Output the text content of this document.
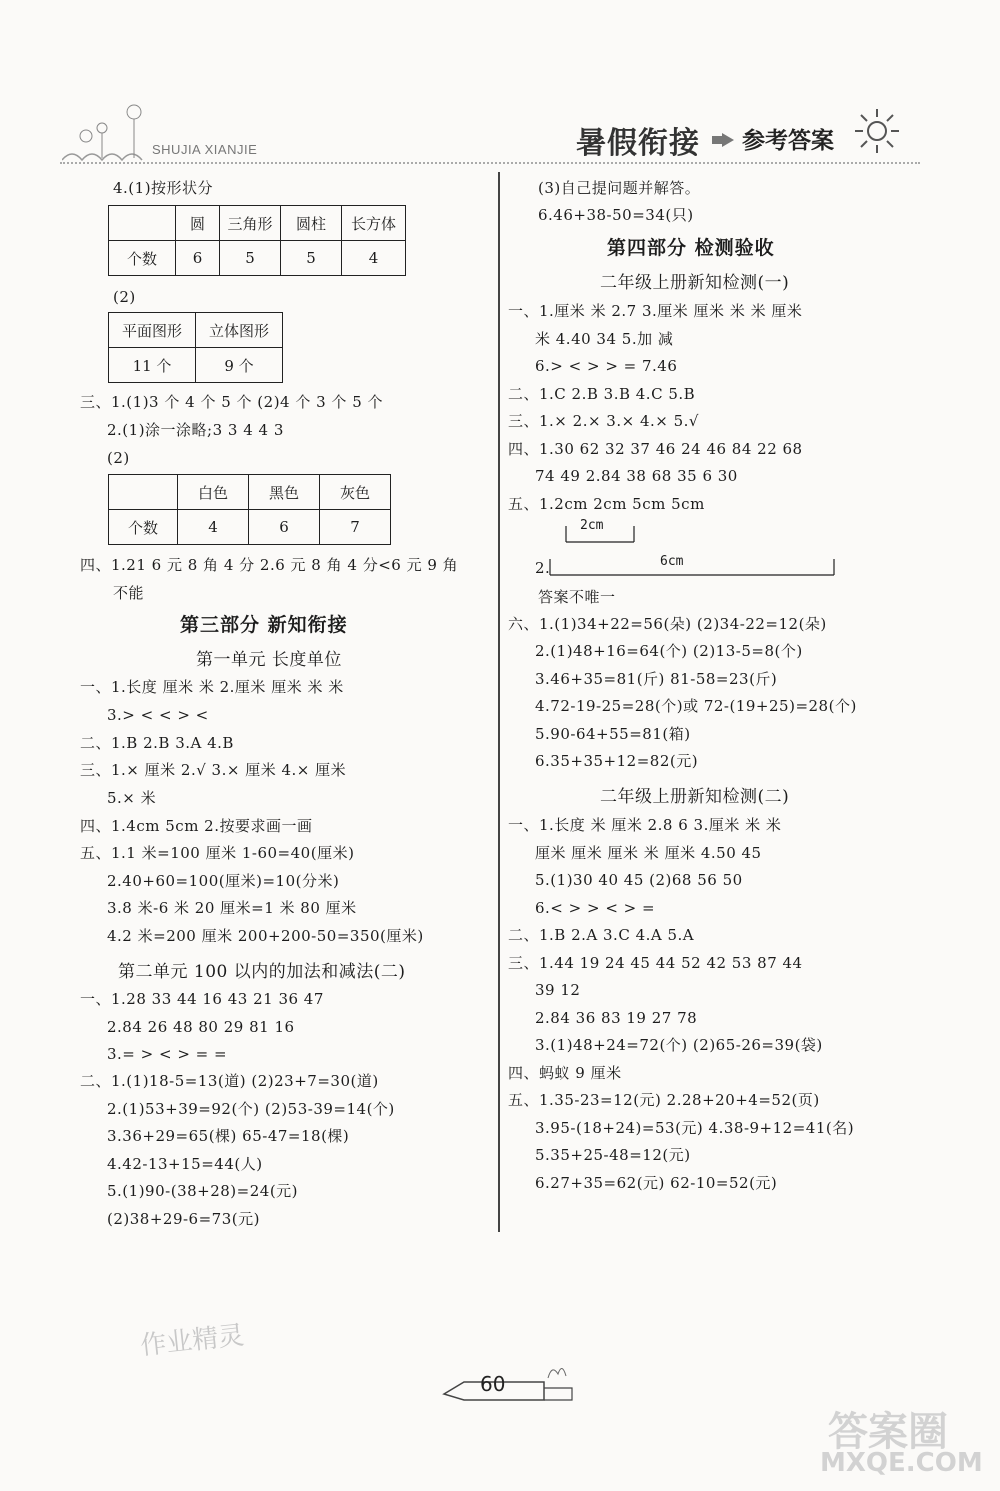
SHUJIA XIANJIE	暑假衔接 参考答案
4.(1)按形状分
	圆	三角形	圆柱	长方体
个数	6	5	5	4
(2)
平面图形	立体图形
11 个	9 个
三、1.(1)3 个 4 个 5 个 (2)4 个 3 个 5 个
2.(1)涂一涂略;3 3 4 4 3
(2)
	白色	黑色	灰色
个数	4	6	7
四、1.21 6 元 8 角 4 分 2.6 元 8 角 4 分<6 元 9 角
不能
第三部分 新知衔接
第一单元 长度单位
一、1.长度 厘米 米 2.厘米 厘米 米 米
3.> < < > <
二、1.B 2.B 3.A 4.B
三、1.× 厘米 2.√ 3.× 厘米 4.× 厘米
5.× 米
四、1.4cm 5cm 2.按要求画一画
五、1.1 米=100 厘米 1-60=40(厘米)
2.40+60=100(厘米)=10(分米)
3.8 米-6 米 20 厘米=1 米 80 厘米
4.2 米=200 厘米 200+200-50=350(厘米)
第二单元 100 以内的加法和减法(二)
一、1.28 33 44 16 43 21 36 47
2.84 26 48 80 29 81 16
3.= > < > = =
二、1.(1)18-5=13(道) (2)23+7=30(道)
2.(1)53+39=92(个) (2)53-39=14(个)
3.36+29=65(棵) 65-47=18(棵)
4.42-13+15=44(人)
5.(1)90-(38+28)=24(元)
(2)38+29-6=73(元)
(3)自己提问题并解答。
6.46+38-50=34(只)
第四部分 检测验收
二年级上册新知检测(一)
一、1.厘米 米 2.7 3.厘米 厘米 米 米 厘米
米 4.40 34 5.加 减
6.> < > > = 7.46
二、1.C 2.B 3.B 4.C 5.B
三、1.× 2.× 3.× 4.× 5.√
四、1.30 62 32 37 46 24 46 84 22 68
74 49 2.84 38 68 35 6 30
五、1.2cm 2cm 5cm 5cm
2cm
2.	6cm
答案不唯一
六、1.(1)34+22=56(朵) (2)34-22=12(朵)
2.(1)48+16=64(个) (2)13-5=8(个)
3.46+35=81(斤) 81-58=23(斤)
4.72-19-25=28(个)或 72-(19+25)=28(个)
5.90-64+55=81(箱)
6.35+35+12=82(元)
二年级上册新知检测(二)
一、1.长度 米 厘米 2.8 6 3.厘米 米 米
厘米 厘米 厘米 米 厘米 4.50 45
5.(1)30 40 45 (2)68 56 50
6.< > > < > =
二、1.B 2.A 3.C 4.A 5.A
三、1.44 19 24 45 44 52 42 53 87 44
39 12
2.84 36 83 19 27 78
3.(1)48+24=72(个) (2)65-26=39(袋)
四、蚂蚁 9 厘米
五、1.35-23=12(元) 2.28+20+4=52(页)
3.95-(18+24)=53(元) 4.38-9+12=41(名)
5.35+25-48=12(元)
6.27+35=62(元) 62-10=52(元)
作业精灵
60
答案圈
MXQE.COM
